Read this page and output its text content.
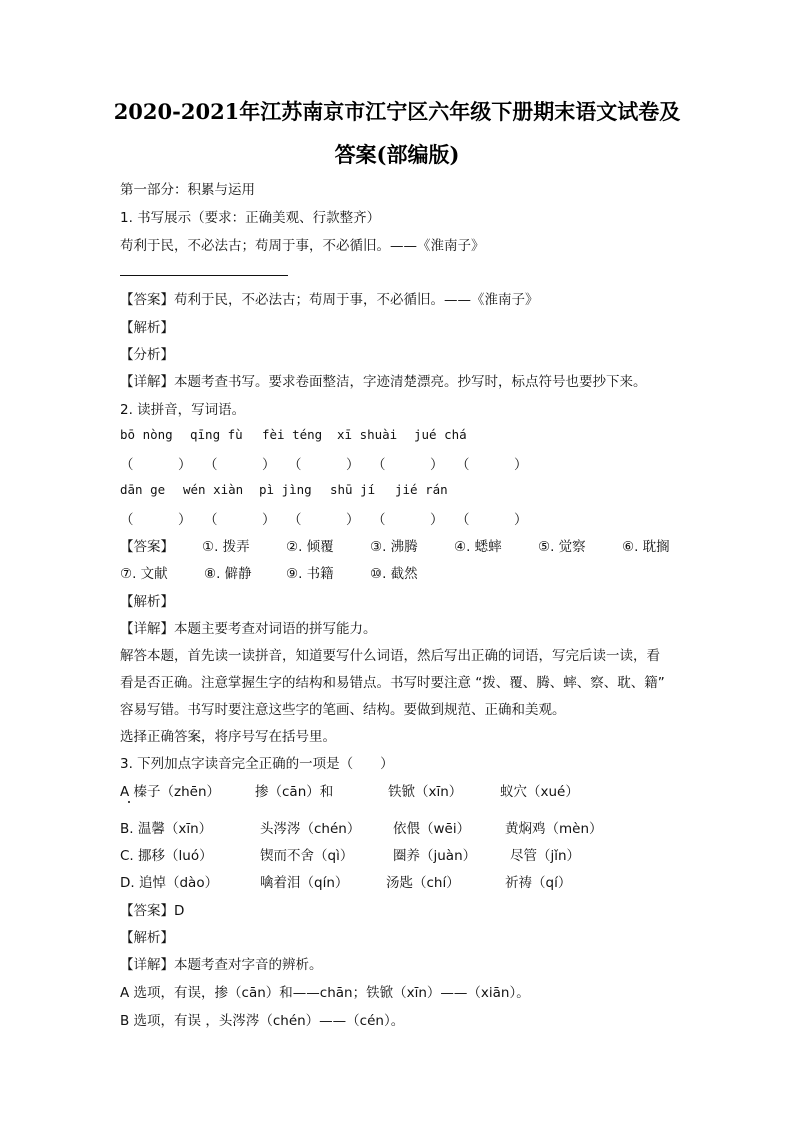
2020-2021年江苏南京市江宁区六年级下册期末语文试卷及
答案(部编版)
第一部分：积累与运用
1. 书写展示（要求：正确美观、行款整齐）
苟利于民，不必法古；苟周于事，不必循旧。——《淮南子》
【答案】苟利于民，不必法古；苟周于事，不必循旧。——《淮南子》
【解析】
【分析】
【详解】本题考查书写。要求卷面整洁，字迹清楚漂亮。抄写时，标点符号也要抄下来。
2. 读拼音，写词语。
bō nòng qīng fù fèi téng xī shuài jué chá
（	） （	） （	） （	） （	）
dān ge wén xiàn pì jìng shū jí jié rán
（	） （	） （	） （	） （	）
【答案】 ①. 拨弄	②. 倾覆	③. 沸腾	④. 蟋蟀	⑤. 觉察	⑥. 耽搁
⑦. 文献	⑧. 僻静	⑨. 书籍	⑩. 截然
【解析】
【详解】本题主要考查对词语的拼写能力。
解答本题，首先读一读拼音，知道要写什么词语，然后写出正确的词语，写完后读一读，看
看是否正确。注意掌握生字的结构和易错点。书写时要注意 “拨、覆、腾、蟀、察、耽、籍”
容易写错。书写时要注意这些字的笔画、结构。要做到规范、正确和美观。
选择正确答案，将序号写在括号里。
3. 下列加点字读音完全正确的一项是（　　）
A 榛子（zhēn）	掺（cān）和	铁锨（xīn）	蚁穴（xué）
B. 温馨（xīn）	头涔涔（chén） 依偎（wēi）	黄焖鸡（mèn）
C. 挪移（luó）	锲而不舍（qì）	圈养（juàn）	尽管（jǐn）
D. 追悼（dào）	噙着泪（qín）	汤匙（chí）	祈祷（qí）
【答案】D
【解析】
【详解】本题考查对字音的辨析。
A 选项，有误，掺（cān）和——chān；铁锨（xīn）——（xiān）。
B 选项，有误 ，头涔涔（chén）——（cén）。
